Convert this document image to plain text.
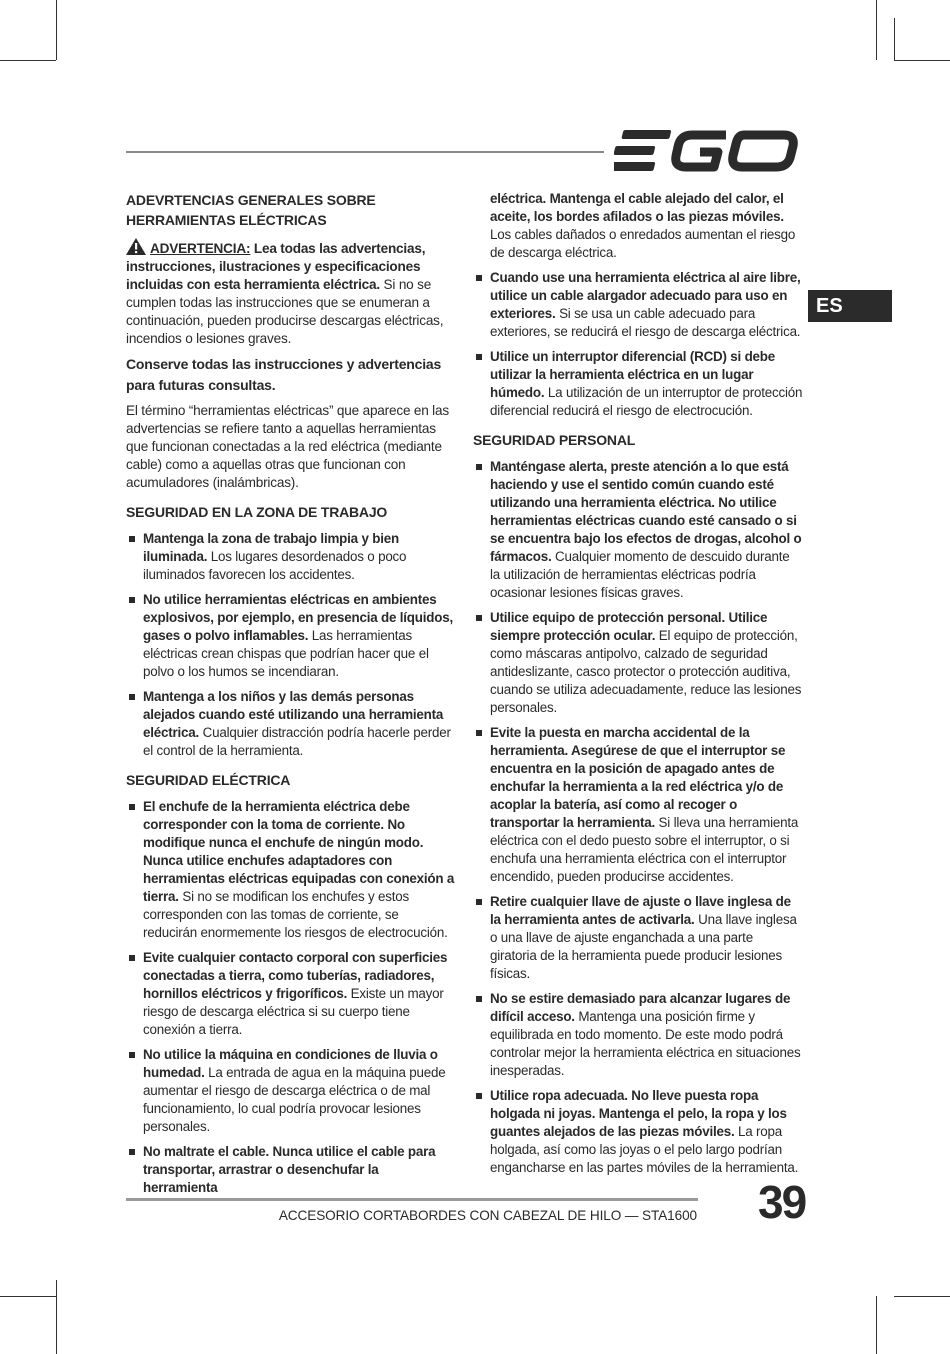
ES
ADEVRTENCIAS GENERALES SOBRE
HERRAMIENTAS ELÉCTRICAS

ADVERTENCIA: Lea todas las advertencias, instrucciones, ilustraciones y especificaciones incluidas con esta herramienta eléctrica. Si no se cumplen todas las instrucciones que se enumeran a continuación, pueden producirse descargas eléctricas, incendios o lesiones graves.

Conserve todas las instrucciones y advertencias para futuras consultas.

El término “herramientas eléctricas” que aparece en las advertencias se refiere tanto a aquellas herramientas que funcionan conectadas a la red eléctrica (mediante cable) como a aquellas otras que funcionan con acumuladores (inalámbricas).

SEGURIDAD EN LA ZONA DE TRABAJO
Mantenga la zona de trabajo limpia y bien iluminada. Los lugares desordenados o poco iluminados favorecen los accidentes.
No utilice herramientas eléctricas en ambientes explosivos, por ejemplo, en presencia de líquidos, gases o polvo inflamables. Las herramientas eléctricas crean chispas que podrían hacer que el polvo o los humos se incendiaran.
Mantenga a los niños y las demás personas alejados cuando esté utilizando una herramienta eléctrica. Cualquier distracción podría hacerle perder el control de la herramienta.
SEGURIDAD ELÉCTRICA
El enchufe de la herramienta eléctrica debe corresponder con la toma de corriente. No modifique nunca el enchufe de ningún modo. Nunca utilice enchufes adaptadores con herramientas eléctricas equipadas con conexión a tierra. Si no se modifican los enchufes y estos corresponden con las tomas de corriente, se reducirán enormemente los riesgos de electrocución.
Evite cualquier contacto corporal con superficies conectadas a tierra, como tuberías, radiadores, hornillos eléctricos y frigoríficos. Existe un mayor riesgo de descarga eléctrica si su cuerpo tiene conexión a tierra.
No utilice la máquina en condiciones de lluvia o humedad. La entrada de agua en la máquina puede aumentar el riesgo de descarga eléctrica o de mal funcionamiento, lo cual podría provocar lesiones personales.
No maltrate el cable. Nunca utilice el cable para transportar, arrastrar o desenchufar la herramienta
eléctrica. Mantenga el cable alejado del calor, el aceite, los bordes afilados o las piezas móviles. Los cables dañados o enredados aumentan el riesgo de descarga eléctrica.
Cuando use una herramienta eléctrica al aire libre, utilice un cable alargador adecuado para uso en exteriores. Si se usa un cable adecuado para exteriores, se reducirá el riesgo de descarga eléctrica.
Utilice un interruptor diferencial (RCD) si debe utilizar la herramienta eléctrica en un lugar húmedo. La utilización de un interruptor de protección diferencial reducirá el riesgo de electrocución.
SEGURIDAD PERSONAL
Manténgase alerta, preste atención a lo que está haciendo y use el sentido común cuando esté utilizando una herramienta eléctrica. No utilice herramientas eléctricas cuando esté cansado o si se encuentra bajo los efectos de drogas, alcohol o fármacos. Cualquier momento de descuido durante la utilización de herramientas eléctricas podría ocasionar lesiones físicas graves.
Utilice equipo de protección personal. Utilice siempre protección ocular. El equipo de protección, como máscaras antipolvo, calzado de seguridad antideslizante, casco protector o protección auditiva, cuando se utiliza adecuadamente, reduce las lesiones personales.
Evite la puesta en marcha accidental de la herramienta. Asegúrese de que el interruptor se encuentra en la posición de apagado antes de enchufar la herramienta a la red eléctrica y/o de acoplar la batería, así como al recoger o transportar la herramienta. Si lleva una herramienta eléctrica con el dedo puesto sobre el interruptor, o si enchufa una herramienta eléctrica con el interruptor encendido, pueden producirse accidentes.
Retire cualquier llave de ajuste o llave inglesa de la herramienta antes de activarla. Una llave inglesa o una llave de ajuste enganchada a una parte giratoria de la herramienta puede producir lesiones físicas.
No se estire demasiado para alcanzar lugares de difícil acceso. Mantenga una posición firme y equilibrada en todo momento. De este modo podrá controlar mejor la herramienta eléctrica en situaciones inesperadas.
Utilice ropa adecuada. No lleve puesta ropa holgada ni joyas. Mantenga el pelo, la ropa y los guantes alejados de las piezas móviles. La ropa holgada, así como las joyas o el pelo largo podrían engancharse en las partes móviles de la herramienta.
ACCESORIO CORTABORDES CON CABEZAL DE HILO — STA1600 39
